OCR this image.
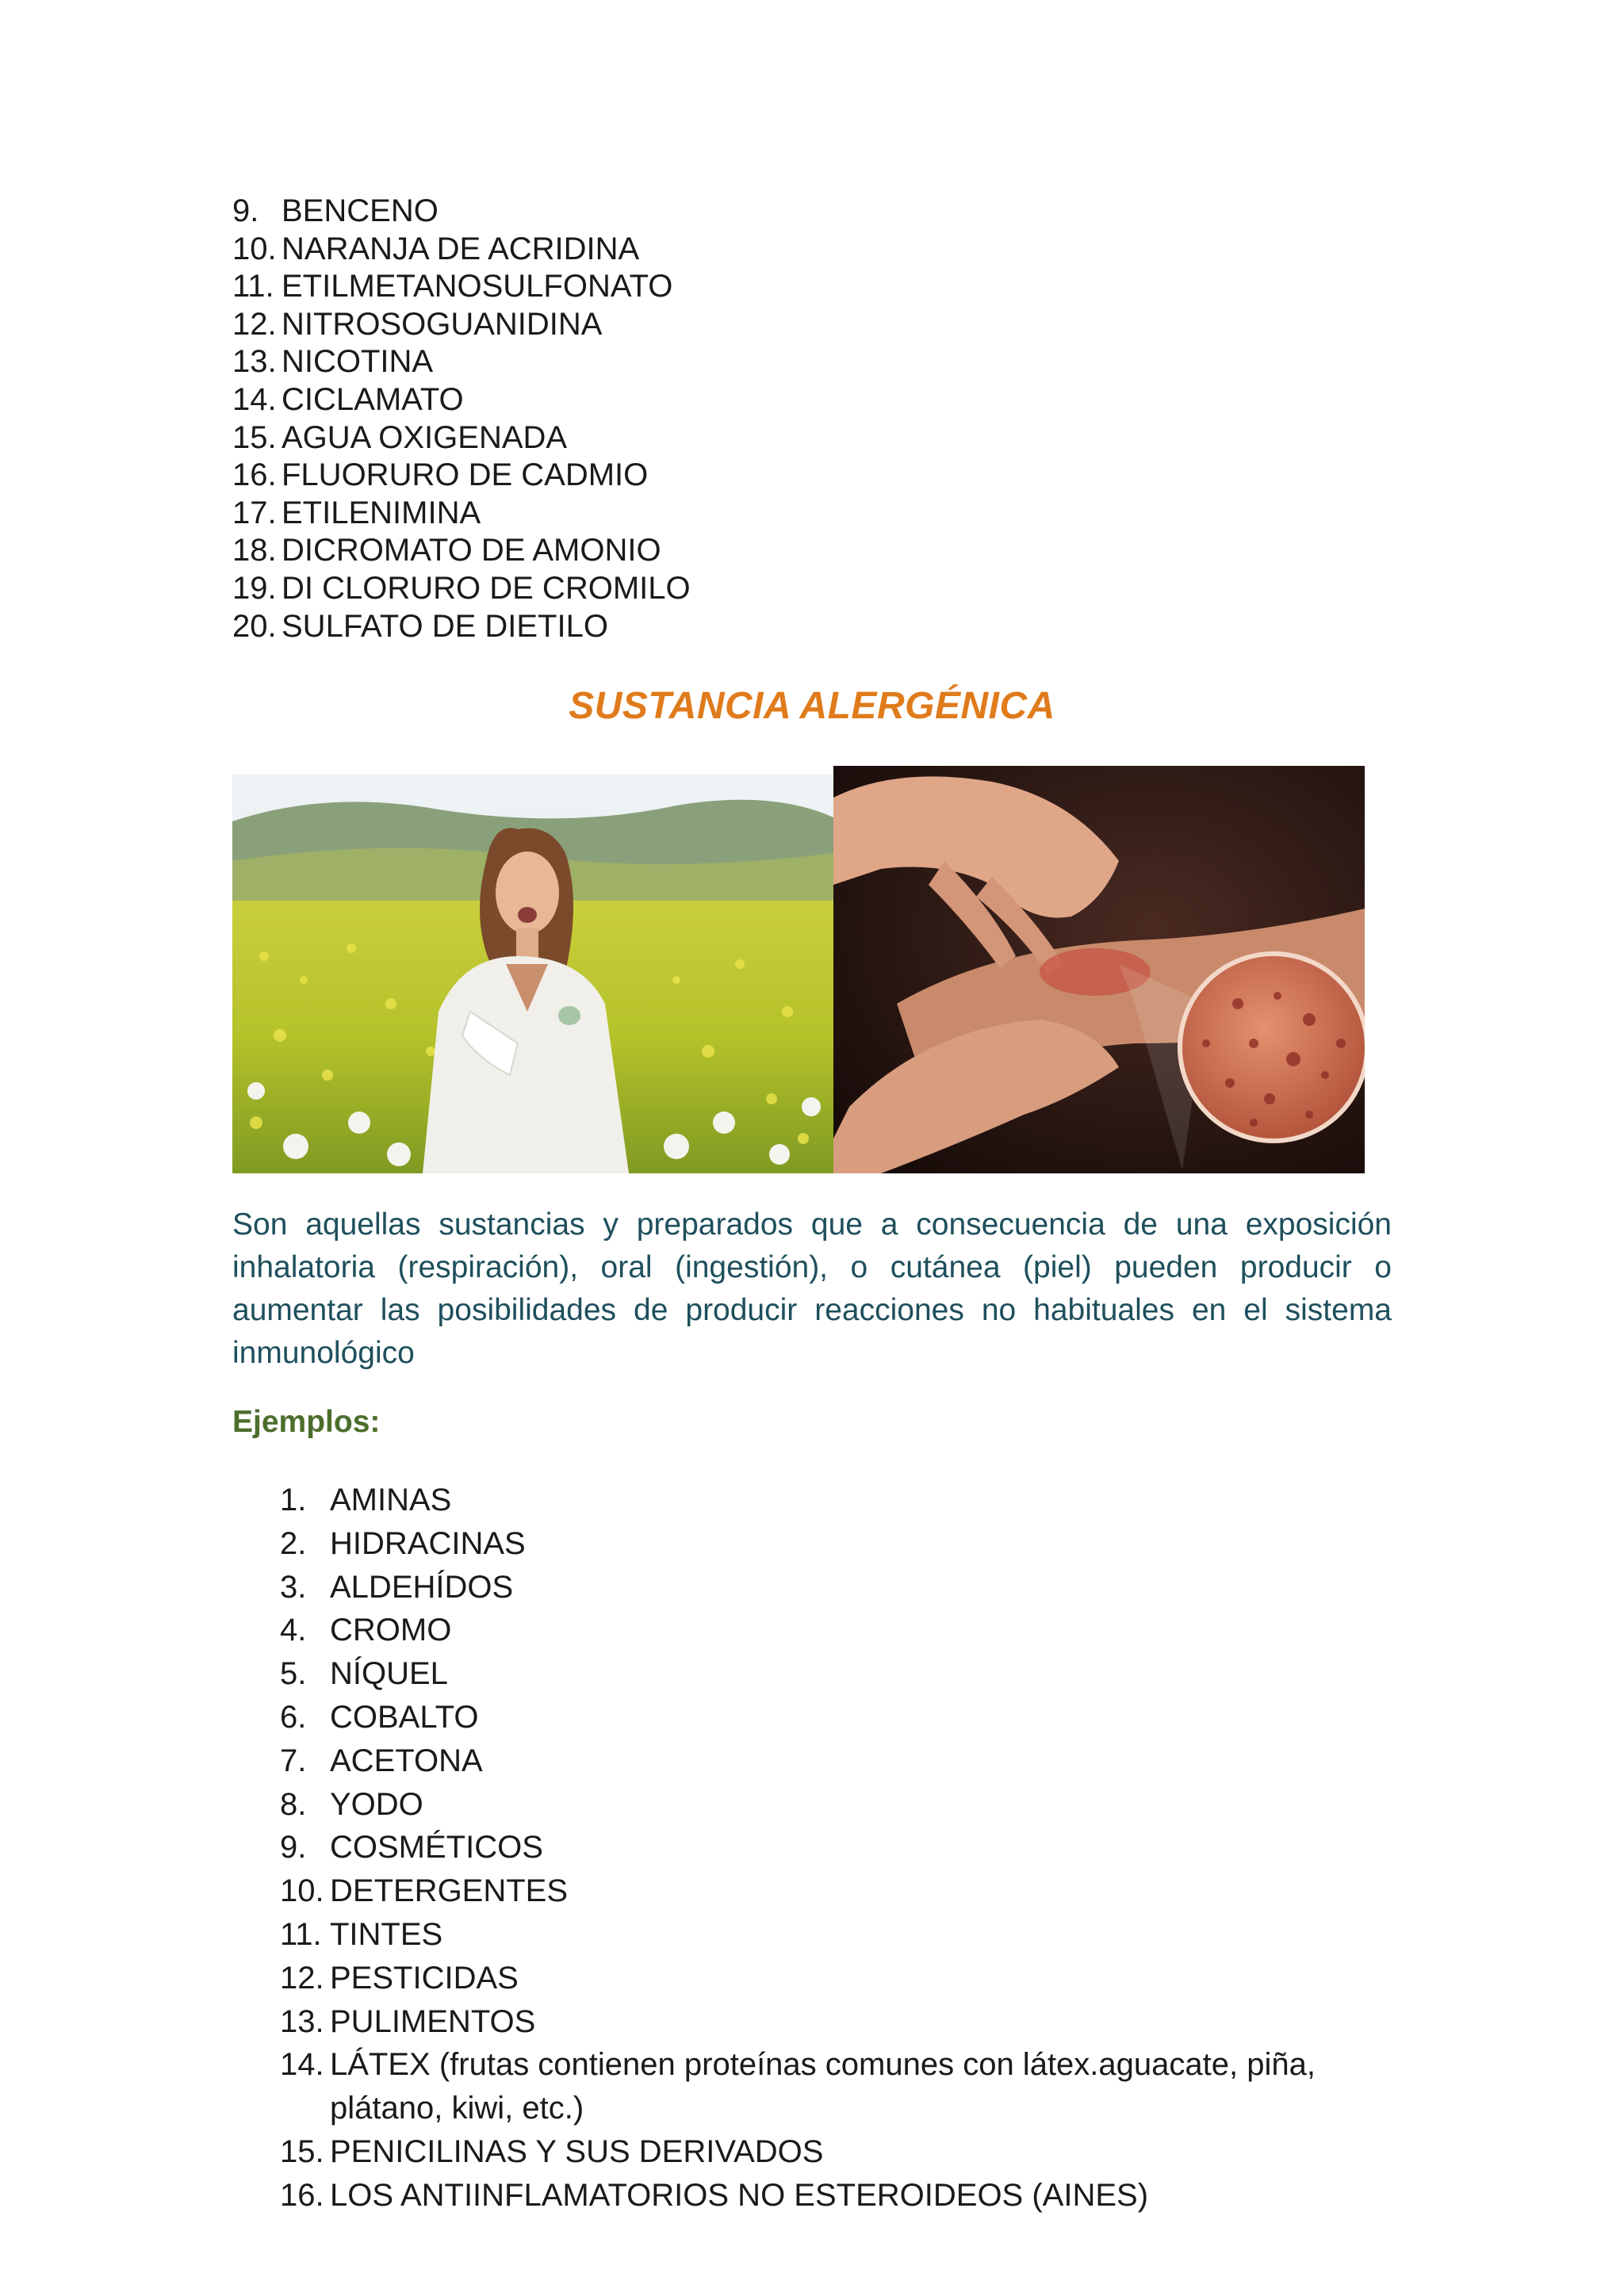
9. BENCENO
10. NARANJA DE ACRIDINA
11. ETILMETANOSULFONATO
12. NITROSOGUANIDINA
13. NICOTINA
14. CICLAMATO
15. AGUA OXIGENADA
16. FLUORURO DE CADMIO
17. ETILENIMINA
18. DICROMATO DE AMONIO
19. DI CLORURO DE CROMILO
20. SULFATO DE DIETILO
SUSTANCIA ALERGÉNICA
Son aquellas sustancias y preparados que a consecuencia de una exposición inhalatoria (respiración), oral (ingestión), o cutánea (piel) pueden producir o aumentar las posibilidades de producir reacciones no habituales en el sistema inmunológico
Ejemplos:
1. AMINAS
2. HIDRACINAS
3. ALDEHÍDOS
4. CROMO
5. NÍQUEL
6. COBALTO
7. ACETONA
8. YODO
9. COSMÉTICOS
10. DETERGENTES
11. TINTES
12. PESTICIDAS
13. PULIMENTOS
14. LÁTEX (frutas contienen proteínas comunes con látex.aguacate, piña, plátano, kiwi, etc.)
15. PENICILINAS Y SUS DERIVADOS
16. LOS ANTIINFLAMATORIOS NO ESTEROIDEOS (AINES)
